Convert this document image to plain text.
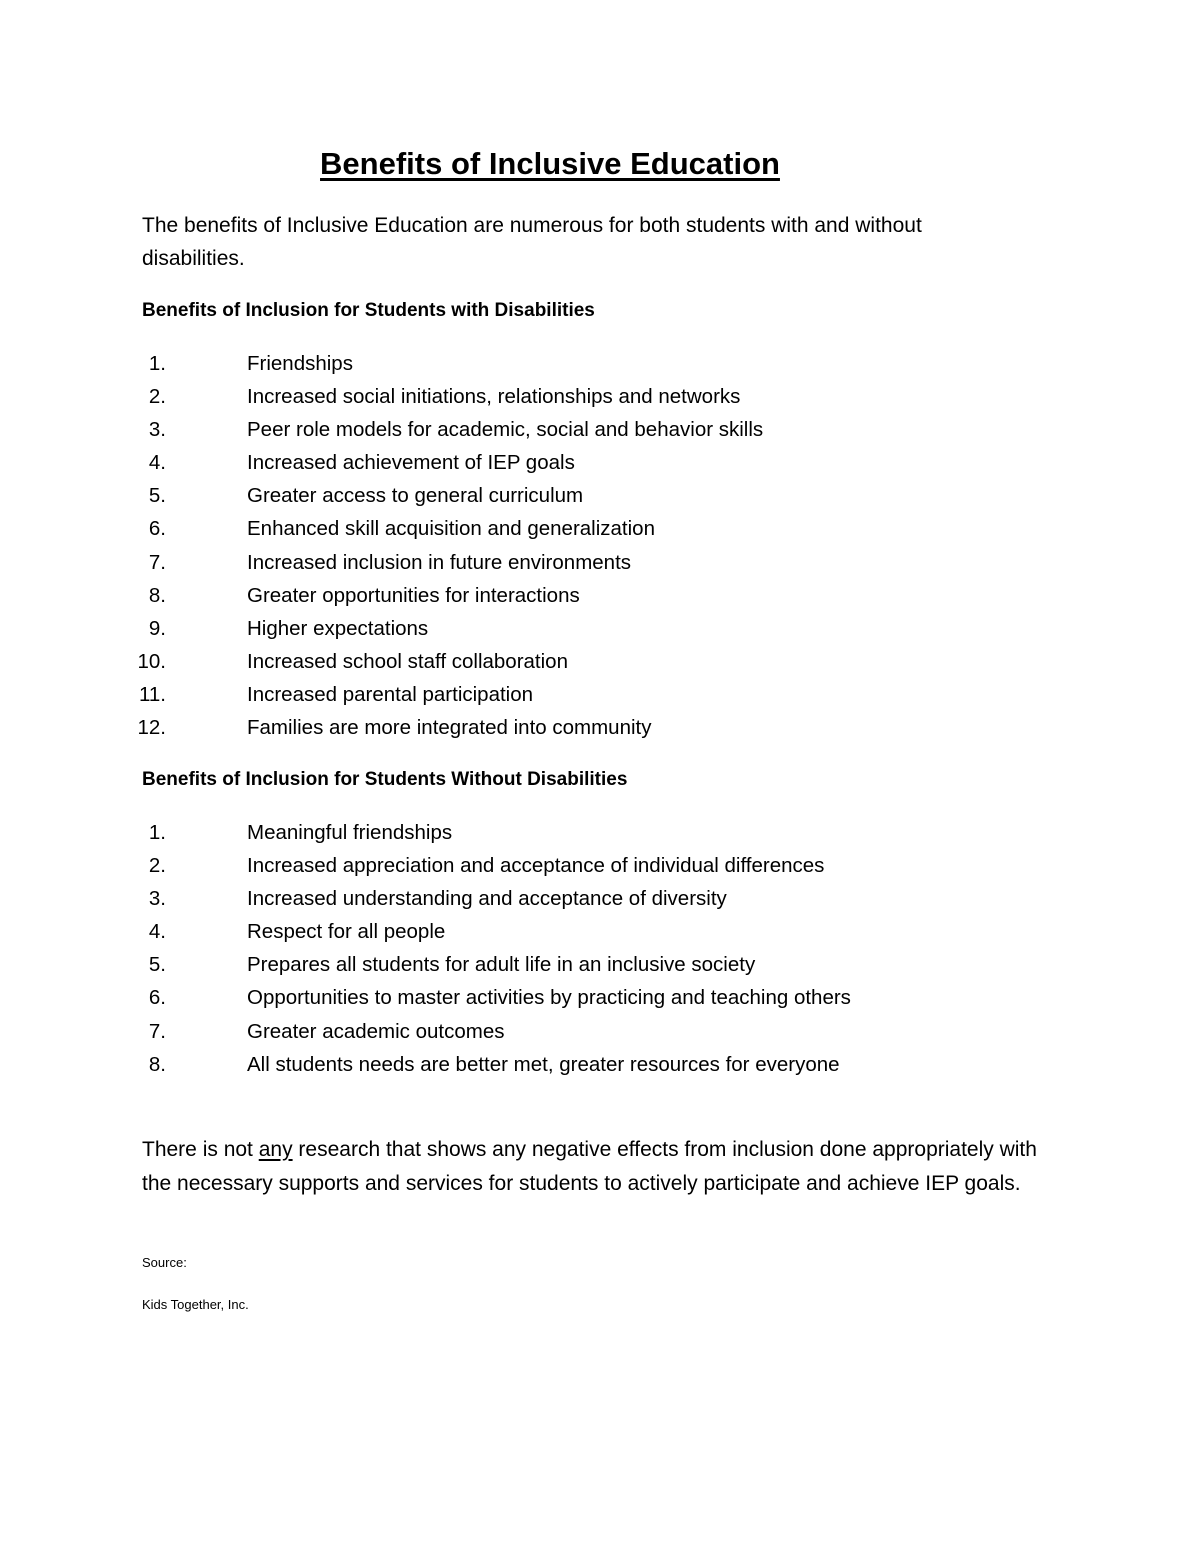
Benefits of Inclusive Education

The benefits of Inclusive Education are numerous for both students with and without disabilities.

Benefits of Inclusion for Students with Disabilities
1.	Friendships
2.	Increased social initiations, relationships and networks
3.	Peer role models for academic, social and behavior skills
4.	Increased achievement of IEP goals
5.	Greater access to general curriculum
6.	Enhanced skill acquisition and generalization
7.	Increased inclusion in future environments
8.	Greater opportunities for interactions
9.	Higher expectations
10.	Increased school staff collaboration
11.	Increased parental participation
12.	Families are more integrated into community
Benefits of Inclusion for Students Without Disabilities
1.	Meaningful friendships
2.	Increased appreciation and acceptance of individual differences
3.	Increased understanding and acceptance of diversity
4.	Respect for all people
5.	Prepares all students for adult life in an inclusive society
6.	Opportunities to master activities by practicing and teaching others
7.	Greater academic outcomes
8.	All students needs are better met, greater resources for everyone

There is not any research that shows any negative effects from inclusion done appropriately with the necessary supports and services for students to actively participate and achieve IEP goals.

Source:

Kids Together, Inc.
